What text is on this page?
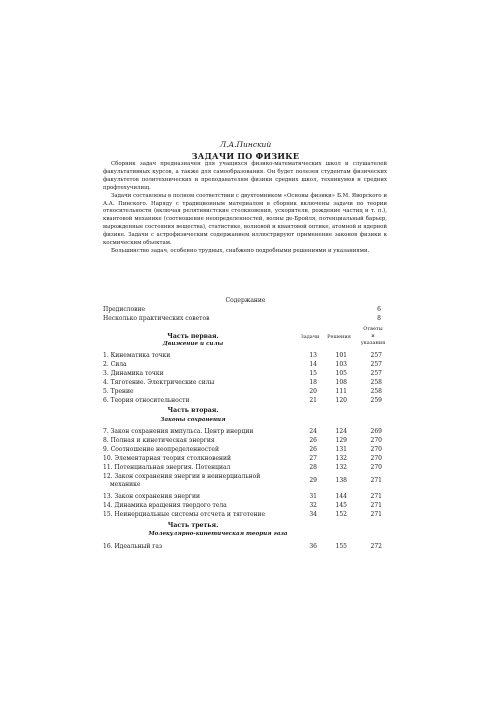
Л.А.Пинский
ЗАДАЧИ ПО ФИЗИКЕ

Сборник задач предназначен для учащихся физико-математических школ и слушателей факультативных курсов, а также для самообразования. Он будет полезен студентам физических факультетов политехнических и преподавателям физики средних школ, техникумов и средних профтехучилищ.

Задачи составлены в полном соответствии с двухтомником «Основы физики» Б.М. Яворского и А.А. Пинского. Наряду с традиционным материалом в сборник включены задачи по теории относительности (включая релятивистские столкновения, ускорители, рождение частиц и т. п.), квантовой механике (соотношение неопределенностей, волны де-Бройля, потенциальный барьер, вырожденные состояния вещества), статистике, волновой и квантовой оптике, атомной и ядерной физике. Задачи с астрофизическим содержанием иллюстрируют применение законов физики к космическим объектам.

Большинство задач, особенно трудных, снабжено подробными решениями и указаниями.

Содержание
Предисловие	6
Несколько практических советов	8
Задачи	Решения
Ответы
и
указания
Часть первая.
Движение и силы
1. Кинематика точки	13	101	257
2. Сила	14	103	257
3. Динамика точки	15	105	257
4. Тяготение. Электрические силы	18	108	258
5. Трение	20	111	258
6. Теория относительности	21	120	259
Часть вторая.
Законы сохранения
7. Закон сохранения импульса. Центр инерции	24	124	269
8. Полная и кинетическая энергия	26	129	270
9. Соотношение неопределенностей	26	131	270
10. Элементарная теория столкновений	27	132	270
11. Потенциальная энергия. Потенциал	28	132	270
12. Закон сохранения энергии в неинерциальной
механике
29	138	271
13. Закон сохранения энергии	31	144	271
14. Динамика вращения твердого тела	32	145	271
15. Неинерциальные системы отсчета и тяготение	34	152	271
Часть третья.
Молекулярно-кинетическая теория газа
16. Идеальный газ	36	155	272
